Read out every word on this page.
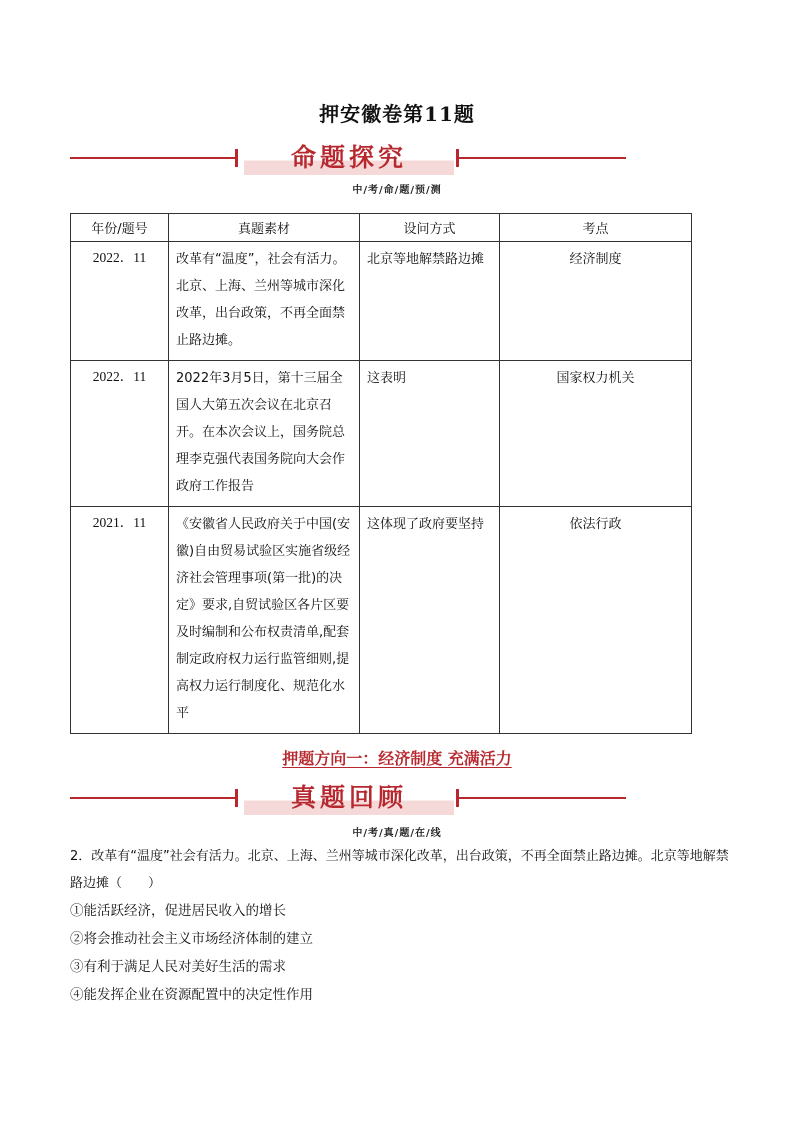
押安徽卷第11题
命题探究
中/考/命/题/预/测
年份/题号	真题素材	设问方式	考点
2022．11	改革有“温度”，社会有活力。北京、上海、兰州等城市深化改革，出台政策，不再全面禁止路边摊。	北京等地解禁路边摊	经济制度
2022．11	2022年3月5日，第十三届全国人大第五次会议在北京召开。在本次会议上，国务院总理李克强代表国务院向大会作政府工作报告	这表明	国家权力机关
2021．11	《安徽省人民政府关于中国(安徽)自由贸易试验区实施省级经济社会管理事项(第一批)的决定》要求,自贸试验区各片区要及时编制和公布权责清单,配套制定政府权力运行监管细则,提高权力运行制度化、规范化水平	这体现了政府要坚持	依法行政
押题方向一：经济制度 充满活力
真题回顾
中/考/真/题/在/线
2．改革有“温度”社会有活力。北京、上海、兰州等城市深化改革，出台政策，不再全面禁止路边摊。北京等地解禁路边摊（　　）
①能活跃经济，促进居民收入的增长
②将会推动社会主义市场经济体制的建立
③有利于满足人民对美好生活的需求
④能发挥企业在资源配置中的决定性作用
